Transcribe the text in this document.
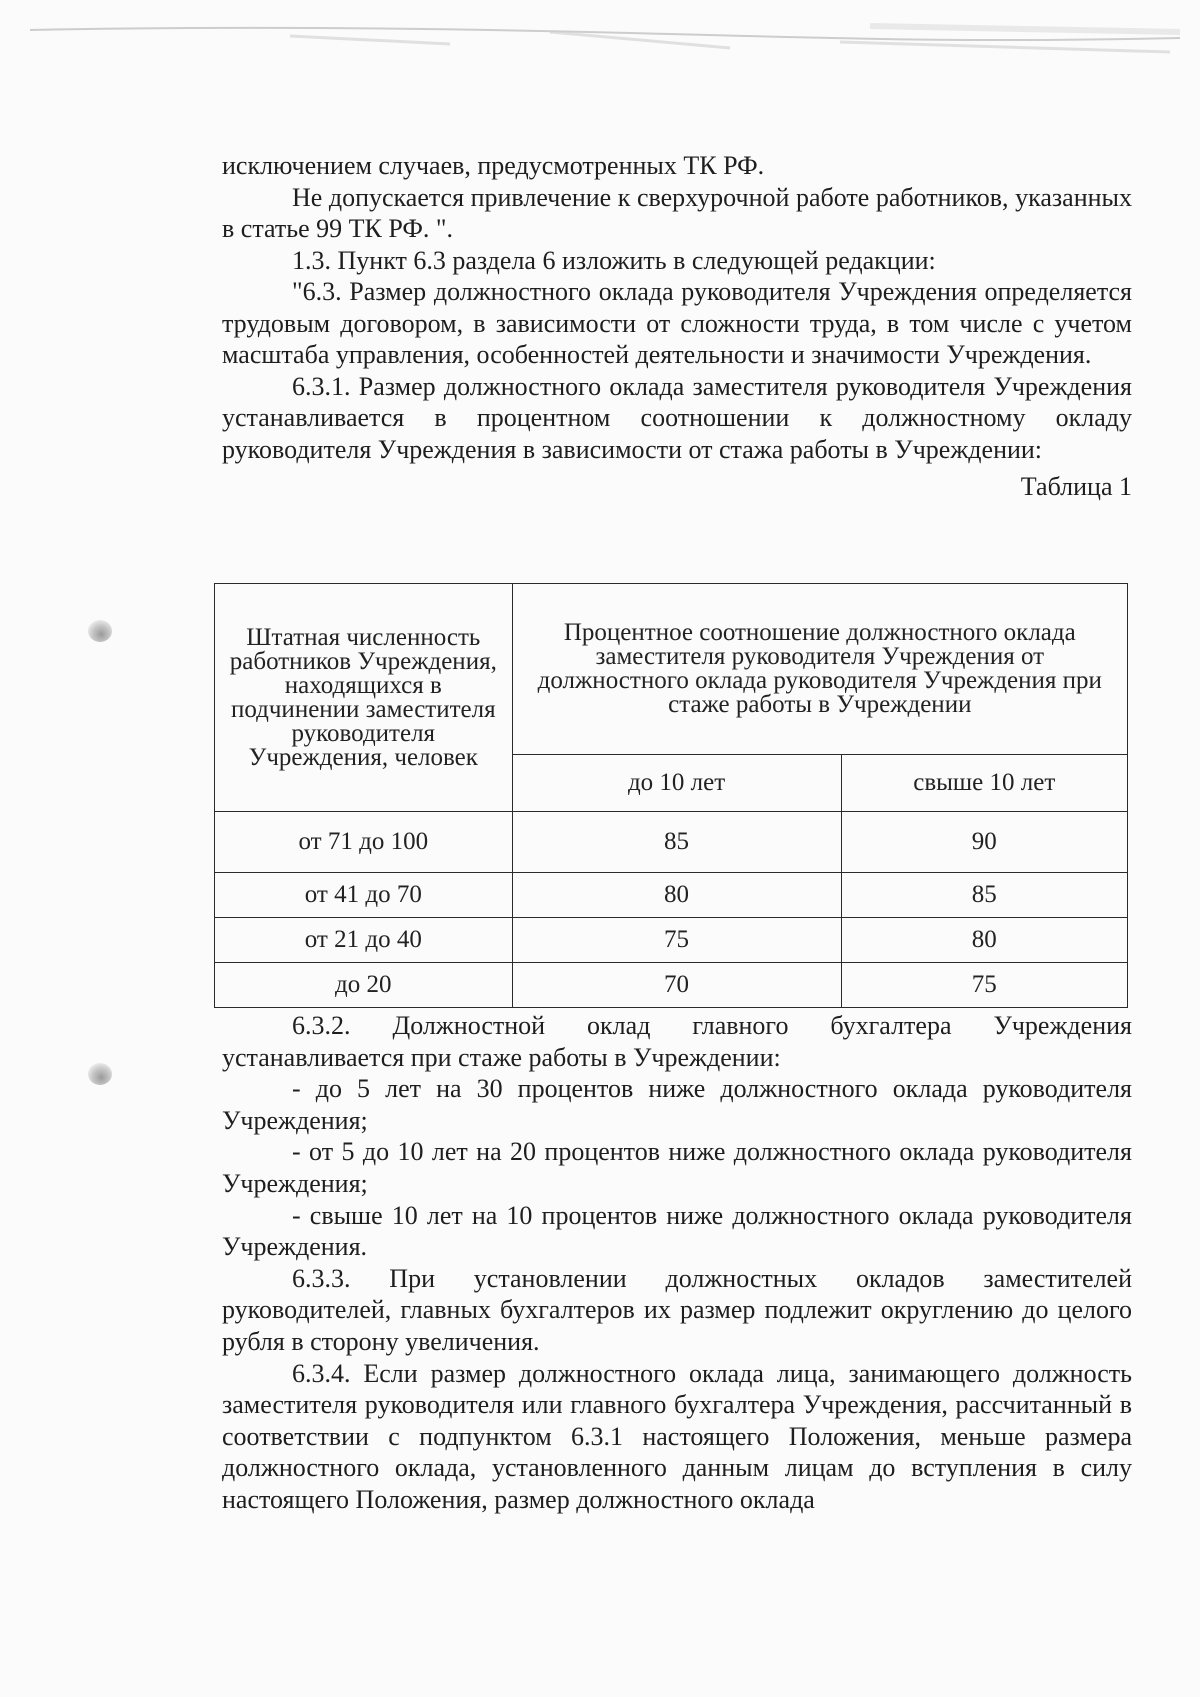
исключением случаев, предусмотренных ТК РФ.

Не допускается привлечение к сверхурочной работе работников, указанных в статье 99 ТК РФ. ".

1.3. Пункт 6.3 раздела 6 изложить в следующей редакции:

"6.3. Размер должностного оклада руководителя Учреждения определяется трудовым договором, в зависимости от сложности труда, в том числе с учетом масштаба управления, особенностей деятельности и значимости Учреждения.

6.3.1. Размер должностного оклада заместителя руководителя Учреждения устанавливается в процентном соотношении к должностному окладу руководителя Учреждения в зависимости от стажа работы в Учреждении:

Таблица 1

Штатная численность работников Учреждения, находящихся в подчинении заместителя руководителя Учреждения, человек	Процентное соотношение должностного оклада заместителя руководителя Учреждения от должностного оклада руководителя Учреждения при стаже работы в Учреждении	
	до 10 лет	свыше 10 лет
от 71 до 100	85	90
от 41 до 70	80	85
от 21 до 40	75	80
до 20	70	75

6.3.2. Должностной оклад главного бухгалтера Учреждения устанавливается при стаже работы в Учреждении:

- до 5 лет на 30 процентов ниже должностного оклада руководителя Учреждения;

- от 5 до 10 лет на 20 процентов ниже должностного оклада руководителя Учреждения;

- свыше 10 лет на 10 процентов ниже должностного оклада руководителя Учреждения.

6.3.3. При установлении должностных окладов заместителей руководителей, главных бухгалтеров их размер подлежит округлению до целого рубля в сторону увеличения.

6.3.4. Если размер должностного оклада лица, занимающего должность заместителя руководителя или главного бухгалтера Учреждения, рассчитанный в соответствии с подпунктом 6.3.1 настоящего Положения, меньше размера должностного оклада, установленного данным лицам до вступления в силу настоящего Положения, размер должностного оклада
